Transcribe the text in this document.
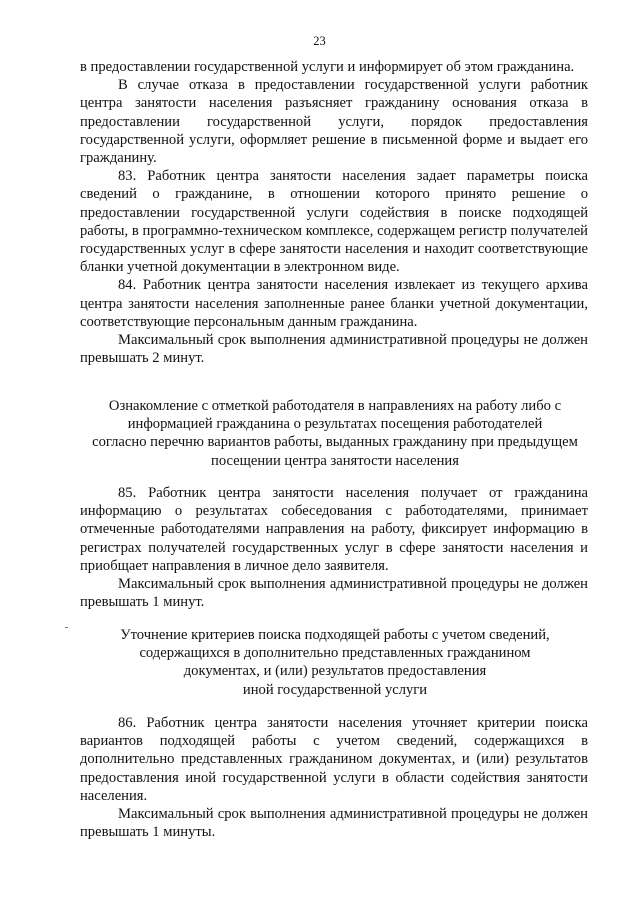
23

в предоставлении государственной услуги и информирует об этом гражданина.

В случае отказа в предоставлении государственной услуги работник центра занятости населения разъясняет гражданину основания отказа в предоставлении государственной услуги, порядок предоставления государственной услуги, оформляет решение в письменной форме и выдает его гражданину.

83. Работник центра занятости населения задает параметры поиска сведений о гражданине, в отношении которого принято решение о предоставлении государственной услуги содействия в поиске подходящей работы, в программно-техническом комплексе, содержащем регистр получателей государственных услуг в сфере занятости населения и находит соответствующие бланки учетной документации в электронном виде.

84. Работник центра занятости населения извлекает из текущего архива центра занятости населения заполненные ранее бланки учетной документации, соответствующие персональным данным гражданина.

Максимальный срок выполнения административной процедуры не должен превышать 2 минут.

Ознакомление с отметкой работодателя в направлениях на работу либо с
информацией гражданина о результатах посещения работодателей
согласно перечню вариантов работы, выданных гражданину при предыдущем
посещении центра занятости населения

85. Работник центра занятости населения получает от гражданина информацию о результатах собеседования с работодателями, принимает отмеченные работодателями направления на работу, фиксирует информацию в регистрах получателей государственных услуг в сфере занятости населения и приобщает направления в личное дело заявителя.

Максимальный срок выполнения административной процедуры не должен превышать 1 минут.

Уточнение критериев поиска подходящей работы с учетом сведений,
содержащихся в дополнительно представленных гражданином
документах, и (или) результатов предоставления
иной государственной услуги

86. Работник центра занятости населения уточняет критерии поиска вариантов подходящей работы с учетом сведений, содержащихся в дополнительно представленных гражданином документах, и (или) результатов предоставления иной государственной услуги в области содействия занятости населения.

Максимальный срок выполнения административной процедуры не должен превышать 1 минуты.
